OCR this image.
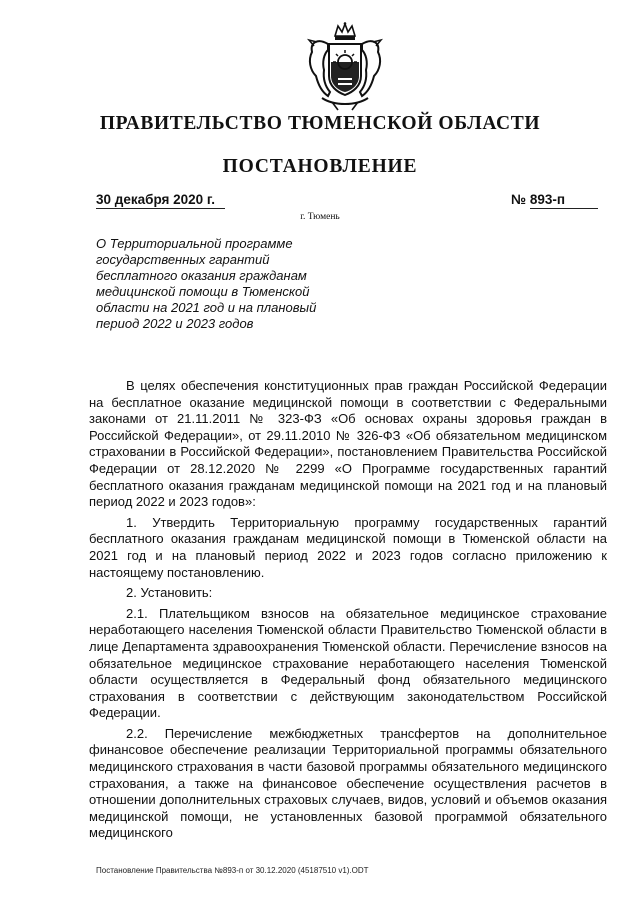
ПРАВИТЕЛЬСТВО ТЮМЕНСКОЙ ОБЛАСТИ
ПОСТАНОВЛЕНИЕ
30 декабря 2020 г.	№ 893-п
г. Тюмень
О Территориальной программе государственных гарантий бесплатного оказания гражданам медицинской помощи в Тюменской области на 2021 год и на плановый период 2022 и 2023 годов

В целях обеспечения конституционных прав граждан Российской Федерации на бесплатное оказание медицинской помощи в соответствии с Федеральными законами от 21.11.2011 № 323-ФЗ «Об основах охраны здоровья граждан в Российской Федерации», от 29.11.2010 № 326-ФЗ «Об обязательном медицинском страховании в Российской Федерации», постановлением Правительства Российской Федерации от 28.12.2020 № 2299 «О Программе государственных гарантий бесплатного оказания гражданам медицинской помощи на 2021 год и на плановый период 2022 и 2023 годов»:

1. Утвердить Территориальную программу государственных гарантий бесплатного оказания гражданам медицинской помощи в Тюменской области на 2021 год и на плановый период 2022 и 2023 годов согласно приложению к настоящему постановлению.

2. Установить:

2.1. Плательщиком взносов на обязательное медицинское страхование неработающего населения Тюменской области Правительство Тюменской области в лице Департамента здравоохранения Тюменской области. Перечисление взносов на обязательное медицинское страхование неработающего населения Тюменской области осуществляется в Федеральный фонд обязательного медицинского страхования в соответствии с действующим законодательством Российской Федерации.

2.2. Перечисление межбюджетных трансфертов на дополнительное финансовое обеспечение реализации Территориальной программы обязательного медицинского страхования в части базовой программы обязательного медицинского страхования, а также на финансовое обеспечение осуществления расчетов в отношении дополнительных страховых случаев, видов, условий и объемов оказания медицинской помощи, не установленных базовой программой обязательного медицинского

Постановление Правительства №893-п от 30.12.2020 (45187510 v1).ODT
